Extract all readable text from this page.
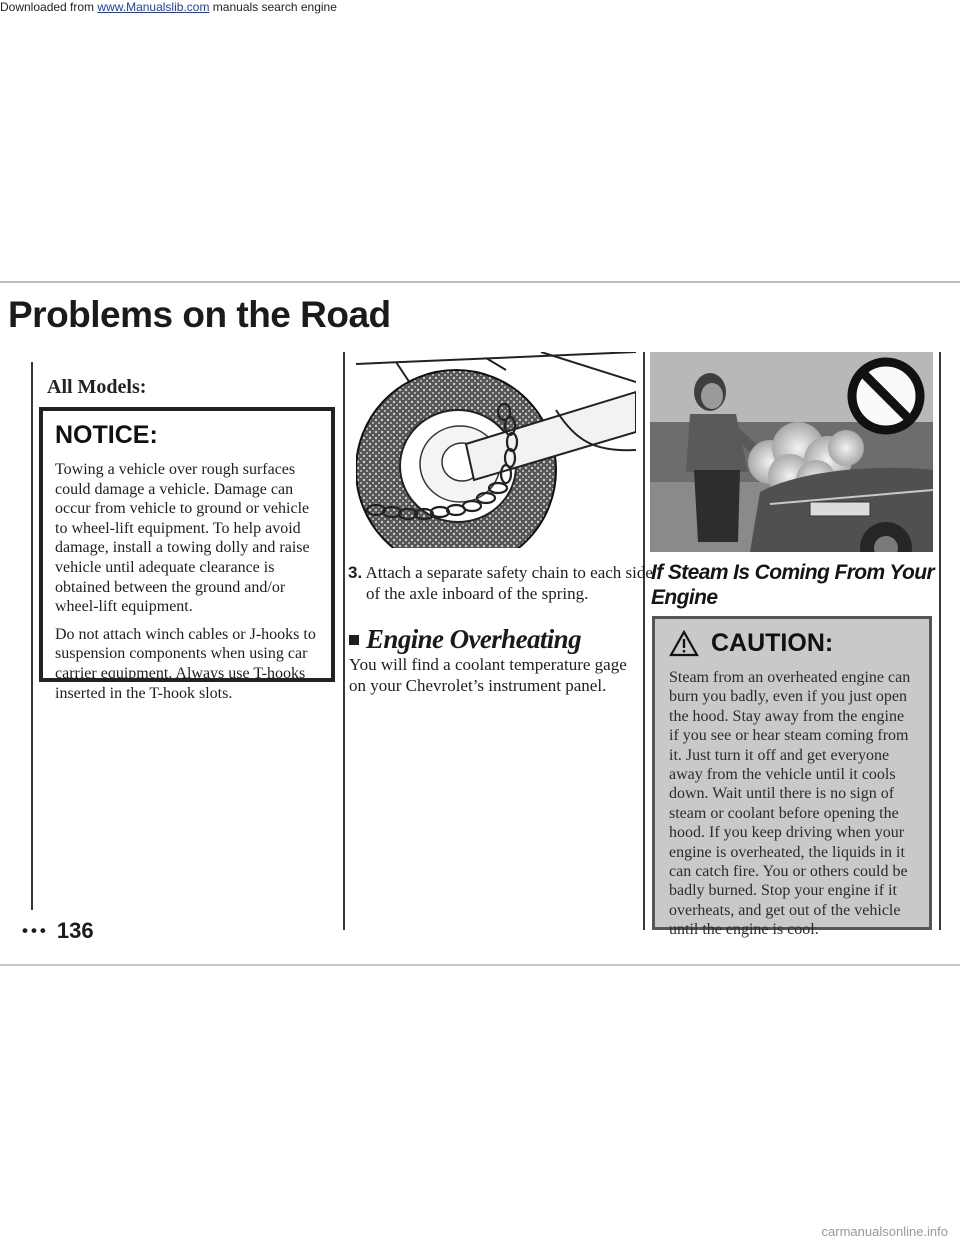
Downloaded from www.Manualslib.com manuals search engine
Problems on the Road
All Models:
NOTICE:

Towing a vehicle over rough surfaces could damage a vehicle. Damage can occur from vehicle to ground or vehicle to wheel-lift equipment. To help avoid damage, install a towing dolly and raise vehicle until adequate clearance is obtained between the ground and/or wheel-lift equipment.

Do not attach winch cables or J-hooks to suspension components when using car carrier equipment. Always use T-hooks inserted in the T-hook slots.

••• 136
3. Attach a separate safety chain to each side of the axle inboard of the spring.
Engine Overheating
You will find a coolant temperature gage on your Chevrolet’s instrument panel.
If Steam Is Coming From Your Engine
CAUTION:
Steam from an overheated engine can burn you badly, even if you just open the hood. Stay away from the engine if you see or hear steam coming from it. Just turn it off and get everyone away from the vehicle until it cools down. Wait until there is no sign of steam or coolant before opening the hood. If you keep driving when your engine is overheated, the liquids in it can catch fire. You or others could be badly burned. Stop your engine if it overheats, and get out of the vehicle until the engine is cool.
carmanualsonline.info
